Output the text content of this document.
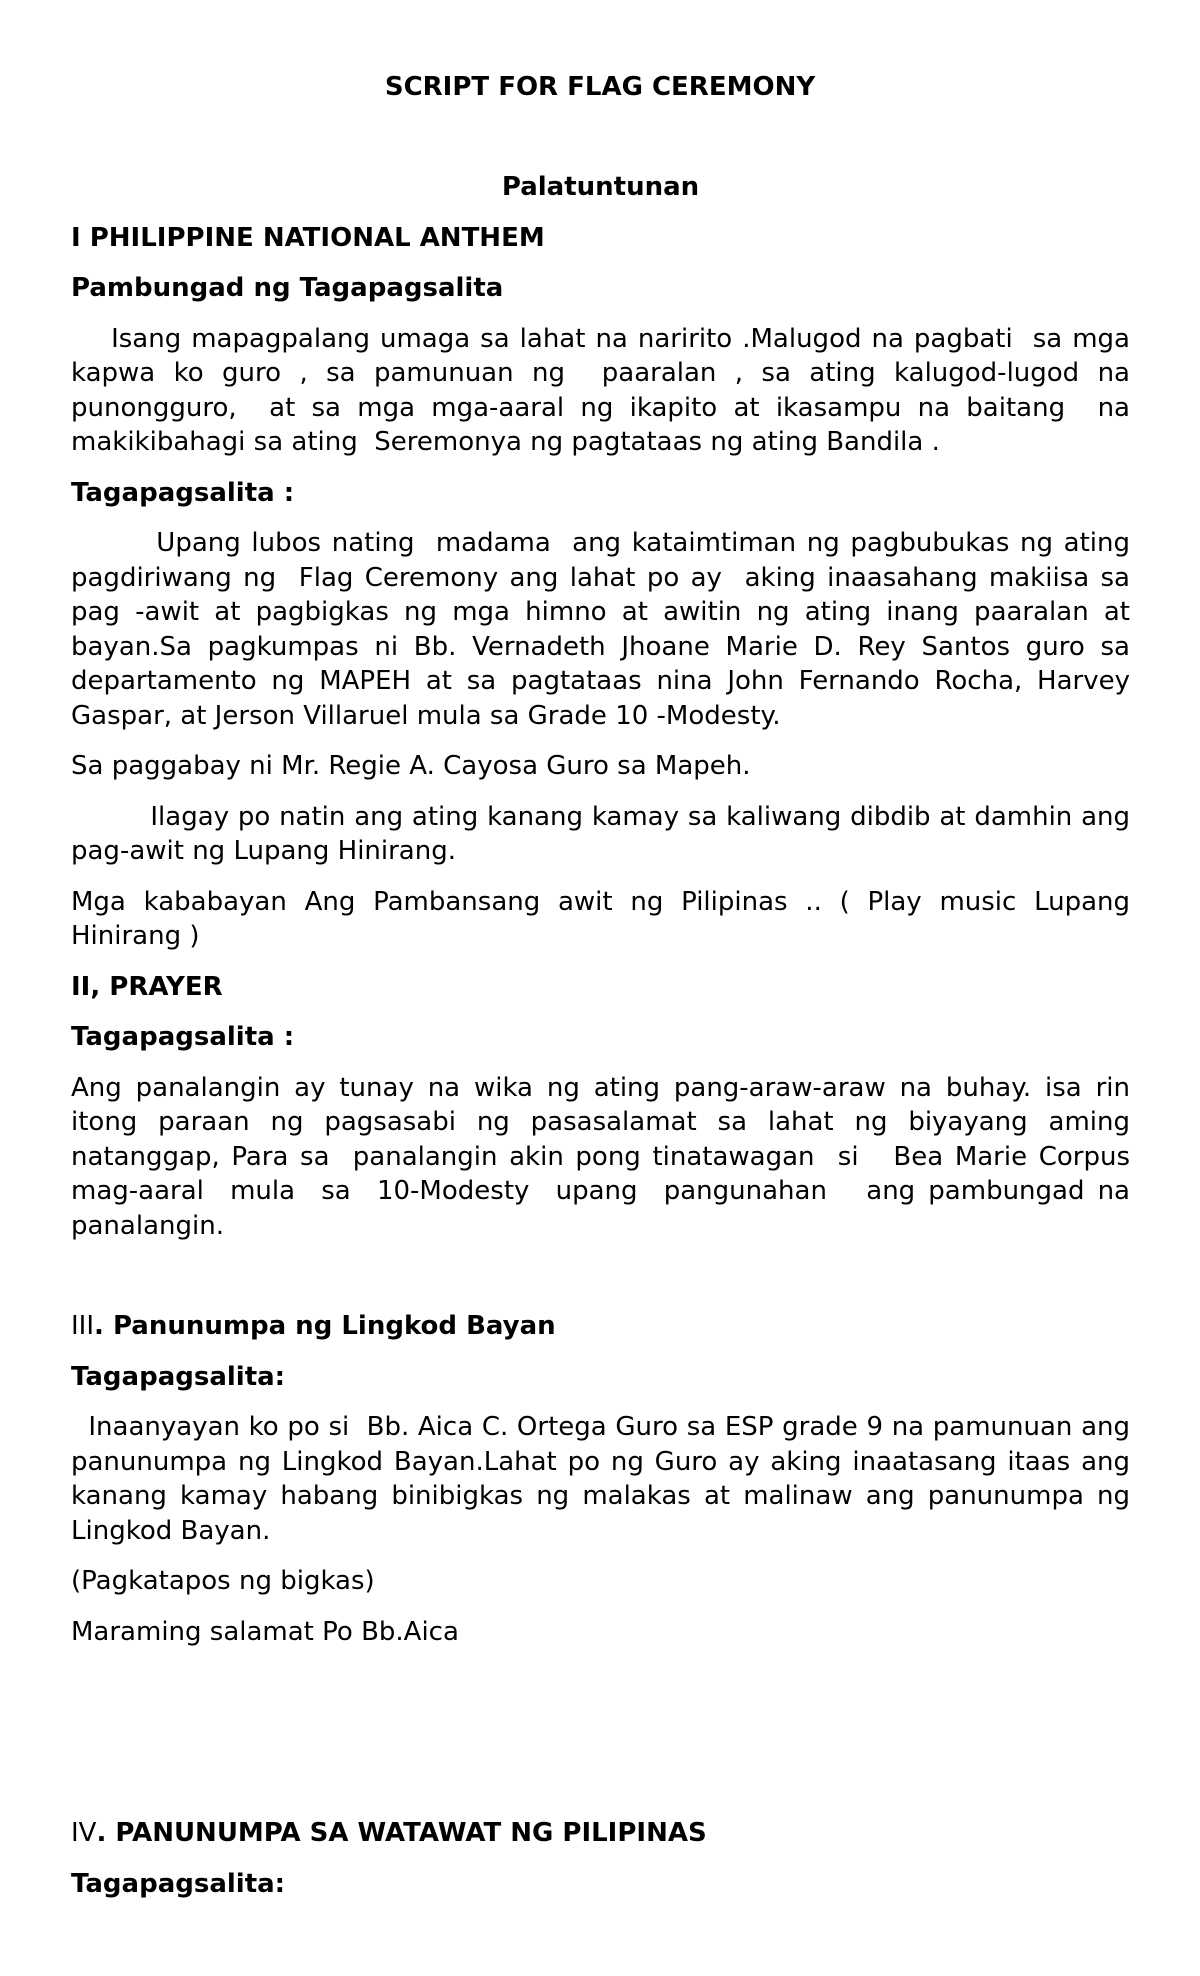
SCRIPT FOR FLAG CEREMONY

Palatuntunan

I PHILIPPINE NATIONAL ANTHEM

Pambungad ng Tagapagsalita

Isang mapagpalang umaga sa lahat na naririto .Malugod na pagbati  sa mga kapwa ko guro , sa pamunuan ng  paaralan , sa ating kalugod-lugod na punongguro,  at sa mga mga-aaral ng ikapito at ikasampu na baitang  na makikibahagi sa ating  Seremonya ng pagtataas ng ating Bandila .

Tagapagsalita :

Upang lubos nating  madama  ang kataimtiman ng pagbubukas ng ating pagdiriwang ng  Flag Ceremony ang lahat po ay  aking inaasahang makiisa sa pag -awit at pagbigkas ng mga himno at awitin ng ating inang paaralan at bayan.Sa pagkumpas ni Bb. Vernadeth Jhoane Marie D. Rey Santos guro sa departamento ng MAPEH at sa pagtataas nina John Fernando Rocha, Harvey Gaspar, at Jerson Villaruel mula sa Grade 10 -Modesty.

Sa paggabay ni Mr. Regie A. Cayosa Guro sa Mapeh.

Ilagay po natin ang ating kanang kamay sa kaliwang dibdib at damhin ang  pag-awit ng Lupang Hinirang.

Mga kababayan Ang Pambansang awit ng Pilipinas .. ( Play music Lupang Hinirang )

II, PRAYER

Tagapagsalita :

Ang panalangin ay tunay na wika ng ating pang-araw-araw na buhay. isa rin itong paraan ng pagsasabi ng pasasalamat sa lahat ng biyayang aming natanggap, Para sa  panalangin akin pong tinatawagan  si   Bea Marie Corpus  mag-aaral  mula  sa  10-Modesty  upang  pangunahan   ang pambungad na panalangin.

III. Panunumpa ng Lingkod Bayan

Tagapagsalita:

Inaanyayan ko po si  Bb. Aica C. Ortega Guro sa ESP grade 9 na pamunuan ang panunumpa ng Lingkod Bayan.Lahat po ng Guro ay aking inaatasang itaas ang kanang kamay habang binibigkas ng malakas at malinaw ang panunumpa ng Lingkod Bayan.

(Pagkatapos ng bigkas)

Maraming salamat Po Bb.Aica

IV. PANUNUMPA SA WATAWAT NG PILIPINAS

Tagapagsalita:
